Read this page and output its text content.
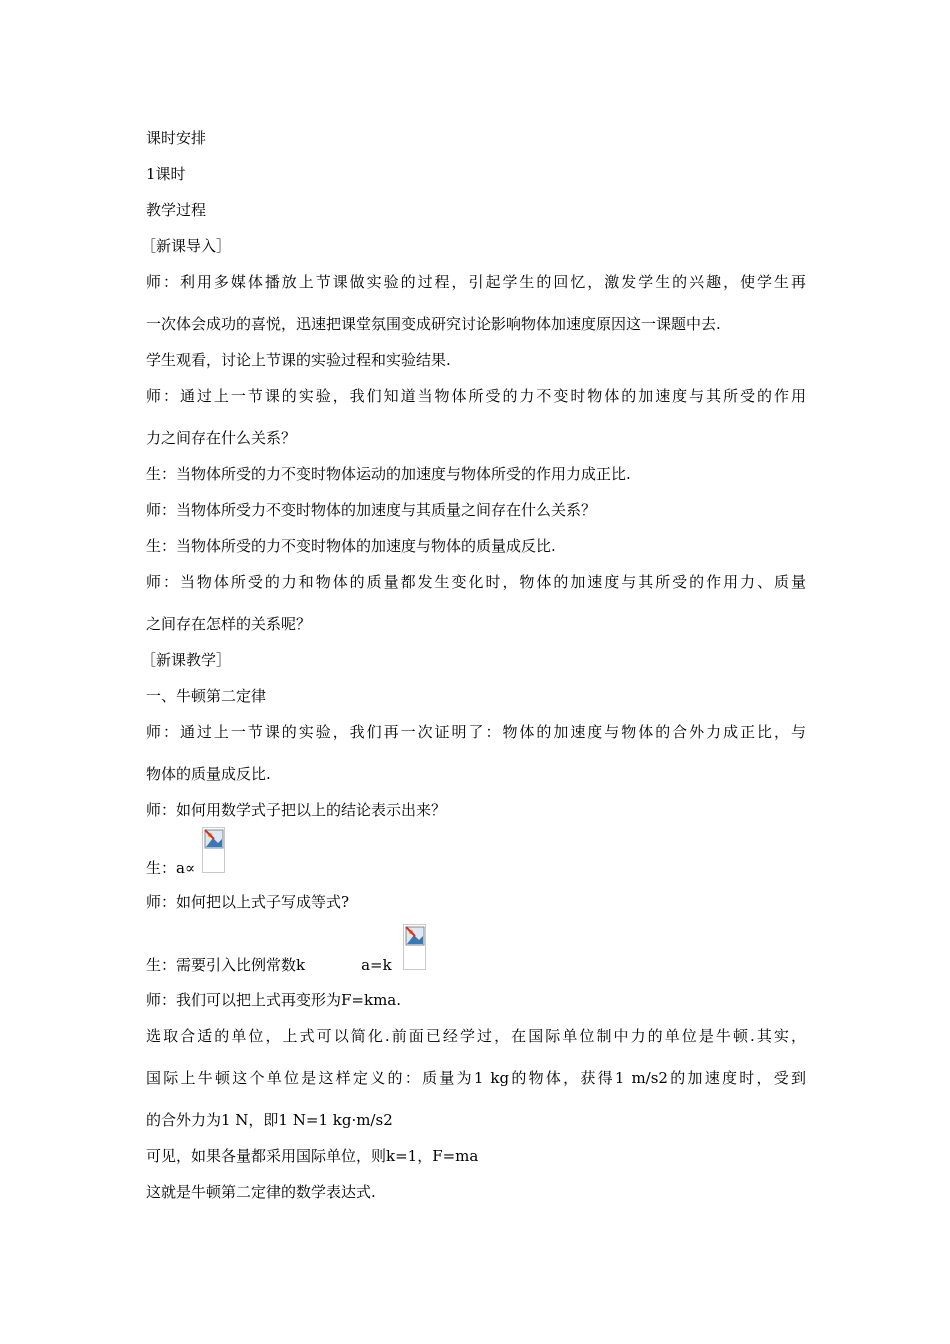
课时安排
1课时
教学过程
［新课导入］
师：利用多媒体播放上节课做实验的过程，引起学生的回忆，激发学生的兴趣，使学生再
一次体会成功的喜悦，迅速把课堂氛围变成研究讨论影响物体加速度原因这一课题中去.
学生观看，讨论上节课的实验过程和实验结果.
师：通过上一节课的实验，我们知道当物体所受的力不变时物体的加速度与其所受的作用
力之间存在什么关系？
生：当物体所受的力不变时物体运动的加速度与物体所受的作用力成正比.
师：当物体所受力不变时物体的加速度与其质量之间存在什么关系？
生：当物体所受的力不变时物体的加速度与物体的质量成反比.
师：当物体所受的力和物体的质量都发生变化时，物体的加速度与其所受的作用力、质量
之间存在怎样的关系呢？
［新课教学］
一、牛顿第二定律
师：通过上一节课的实验，我们再一次证明了：物体的加速度与物体的合外力成正比，与
物体的质量成反比.
师：如何用数学式子把以上的结论表示出来？
生：a∝
师：如何把以上式子写成等式?
生：需要引入比例常数k	a=k
师：我们可以把上式再变形为F=kma.
选取合适的单位，上式可以简化.前面已经学过，在国际单位制中力的单位是牛顿.其实，
国际上牛顿这个单位是这样定义的：质量为1 kg的物体，获得1 m/s2的加速度时，受到
的合外力为1 N，即1 N=1 kg·m/s2
可见，如果各量都采用国际单位，则k=1，F=ma
这就是牛顿第二定律的数学表达式.
